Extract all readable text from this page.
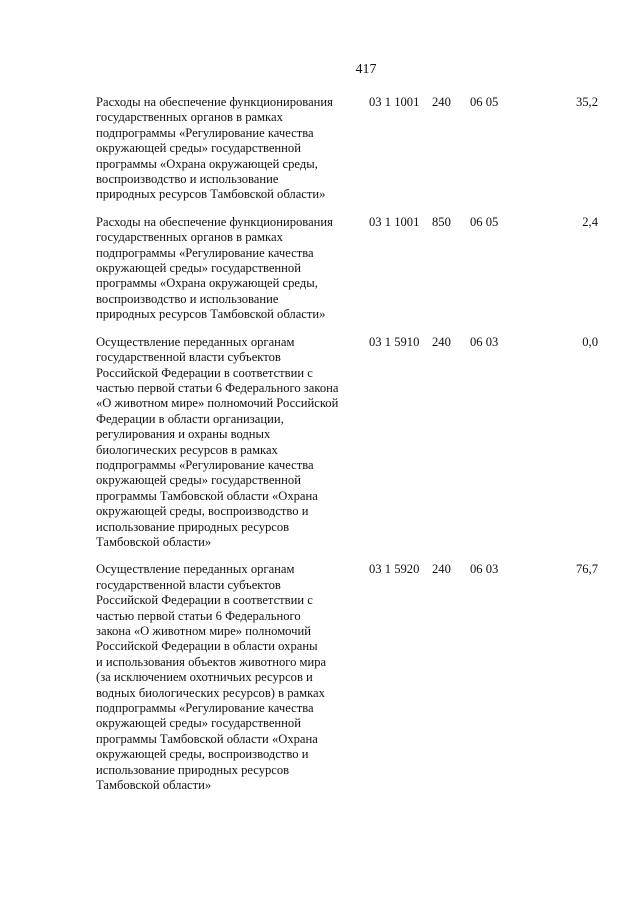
417
Расходы на обеспечение функционирования
государственных органов в рамках
подпрограммы «Регулирование качества
окружающей среды» государственной
программы «Охрана окружающей среды,
воспроизводство и использование
природных ресурсов Тамбовской области»
03 1 1001 240 06 05	35,2
Расходы на обеспечение функционирования
государственных органов в рамках
подпрограммы «Регулирование качества
окружающей среды» государственной
программы «Охрана окружающей среды,
воспроизводство и использование
природных ресурсов Тамбовской области»
03 1 1001 850 06 05	2,4
Осуществление переданных органам
государственной власти субъектов
Российской Федерации в соответствии с
частью первой статьи 6 Федерального закона
«О животном мире» полномочий Российской
Федерации в области организации,
регулирования и охраны водных
биологических ресурсов в рамках
подпрограммы «Регулирование качества
окружающей среды» государственной
программы Тамбовской области «Охрана
окружающей среды, воспроизводство и
использование природных ресурсов
Тамбовской области»
03 1 5910 240 06 03	0,0
Осуществление переданных органам
государственной власти субъектов
Российской Федерации в соответствии с
частью первой статьи 6 Федерального
закона «О животном мире» полномочий
Российской Федерации в области охраны
и использования объектов животного мира
(за исключением охотничьих ресурсов и
водных биологических ресурсов) в рамках
подпрограммы «Регулирование качества
окружающей среды» государственной
программы Тамбовской области «Охрана
окружающей среды, воспроизводство и
использование природных ресурсов
Тамбовской области»
03 1 5920 240 06 03	76,7
